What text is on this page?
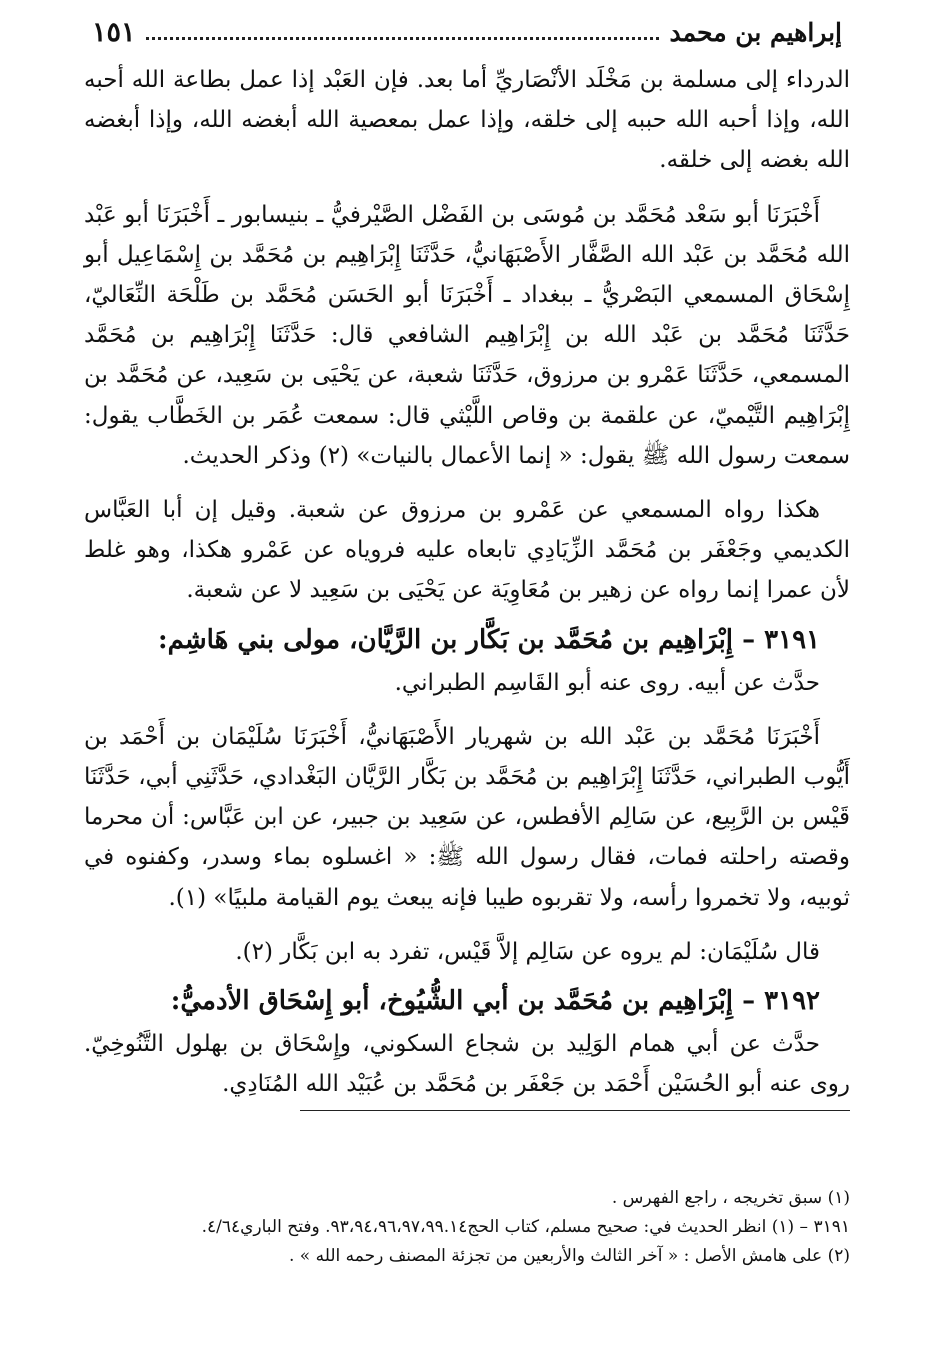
إبراهيم بن محمد
١٥١

الدرداء إلى مسلمة بن مَخْلَد الأنْصَاريِّ أما بعد. فإن العَبْد إذا عمل بطاعة الله أحبه الله، وإذا أحبه الله حببه إلى خلقه، وإذا عمل بمعصية الله أبغضه الله، وإذا أبغضه الله بغضه إلى خلقه.

أَخْبَرَنَا أبو سَعْد مُحَمَّد بن مُوسَى بن الفَضْل الصَّيْرفيُّ ـ بنيسابور ـ أَخْبَرَنَا أبو عَبْد الله مُحَمَّد بن عَبْد الله الصَّفَّار الأَصْبَهَانيُّ، حَدَّثَنَا إِبْرَاهِيم بن مُحَمَّد بن إِسْمَاعِيل أبو إِسْحَاق المسمعي البَصْريُّ ـ ببغداد ـ أَخْبَرَنَا أبو الحَسَن مُحَمَّد بن طَلْحَة النِّعَاليّ، حَدَّثَنَا مُحَمَّد بن عَبْد الله بن إِبْرَاهِيم الشافعي قال: حَدَّثَنَا إِبْرَاهِيم بن مُحَمَّد المسمعي، حَدَّثَنَا عَمْرو بن مرزوق، حَدَّثَنَا شعبة، عن يَحْيَى بن سَعِيد، عن مُحَمَّد بن إِبْرَاهِيم التَّيْميّ، عن علقمة بن وقاص اللَّيْثي قال: سمعت عُمَر بن الخَطَّاب يقول: سمعت رسول الله ﷺ يقول: « إنما الأعمال بالنيات» (٢) وذكر الحديث.

هكذا رواه المسمعي عن عَمْرو بن مرزوق عن شعبة. وقيل إن أبا العَبَّاس الكديمي وجَعْفَر بن مُحَمَّد الزِّيَادِي تابعاه عليه فروياه عن عَمْرو هكذا، وهو غلط لأن عمرا إنما رواه عن زهير بن مُعَاوِيَة عن يَحْيَى بن سَعِيد لا عن شعبة.

٣١٩١ – إِبْرَاهِيم بن مُحَمَّد بن بَكَّار بن الرَّيَّان، مولى بني هَاشِم:

حدَّث عن أبيه. روى عنه أبو القَاسِم الطبراني.

أَخْبَرَنَا مُحَمَّد بن عَبْد الله بن شهريار الأَصْبَهَانيُّ، أَخْبَرَنَا سُلَيْمَان بن أَحْمَد بن أَيُّوب الطبراني، حَدَّثَنَا إِبْرَاهِيم بن مُحَمَّد بن بَكَّار الرَّيَّان البَغْدادي، حَدَّثَنِي أبي، حَدَّثَنَا قَيْس بن الرَّبِيع، عن سَالِم الأفطس، عن سَعِيد بن جبير، عن ابن عَبَّاس: أن محرما وقصته راحلته فمات، فقال رسول الله ﷺ: « اغسلوه بماء وسدر، وكفنوه في ثوبيه، ولا تخمروا رأسه، ولا تقربوه طيبا فإنه يبعث يوم القيامة ملبيًا» (١).

قال سُلَيْمَان: لم يروه عن سَالِم إلاَّ قَيْس، تفرد به ابن بَكَّار (٢).

٣١٩٢ – إِبْرَاهِيم بن مُحَمَّد بن أبي الشُّيُوخ، أبو إِسْحَاق الأدميُّ:

حدَّث عن أبي همام الوَلِيد بن شجاع السكوني، وإِسْحَاق بن بهلول التَّنُوخِيّ. روى عنه أبو الحُسَيْن أَحْمَد بن جَعْفَر بن مُحَمَّد بن عُبَيْد الله المُنَادِي.

(١) سبق تخريجه ، راجع الفهرس .

٣١٩١ – (١) انظر الحديث في: صحيح مسلم، كتاب الحج٩٣،٩٤،٩٦،٩٧،٩٩.١٤. وفتح الباري٤/٦٤.

(٢) على هامش الأصل : « آخر الثالث والأربعين من تجزئة المصنف رحمه الله » .
